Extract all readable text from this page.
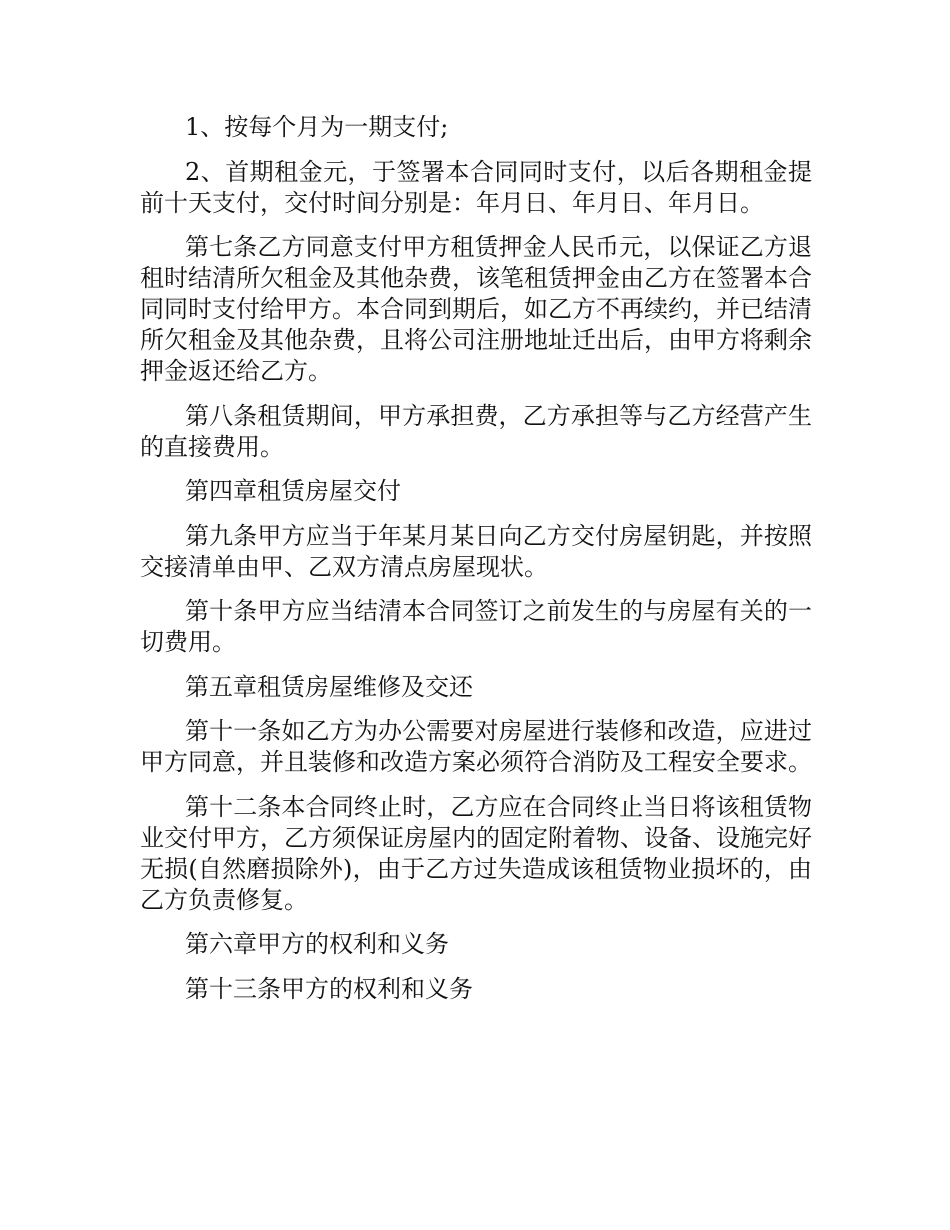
1、按每个月为一期支付;

2、首期租金元，于签署本合同同时支付，以后各期租金提前十天支付，交付时间分别是：年月日、年月日、年月日。

第七条乙方同意支付甲方租赁押金人民币元，以保证乙方退租时结清所欠租金及其他杂费，该笔租赁押金由乙方在签署本合同同时支付给甲方。本合同到期后，如乙方不再续约，并已结清所欠租金及其他杂费，且将公司注册地址迁出后，由甲方将剩余押金返还给乙方。

第八条租赁期间，甲方承担费，乙方承担等与乙方经营产生的直接费用。

第四章租赁房屋交付

第九条甲方应当于年某月某日向乙方交付房屋钥匙，并按照交接清单由甲、乙双方清点房屋现状。

第十条甲方应当结清本合同签订之前发生的与房屋有关的一切费用。

第五章租赁房屋维修及交还

第十一条如乙方为办公需要对房屋进行装修和改造，应进过甲方同意，并且装修和改造方案必须符合消防及工程安全要求。

第十二条本合同终止时，乙方应在合同终止当日将该租赁物业交付甲方，乙方须保证房屋内的固定附着物、设备、设施完好无损(自然磨损除外)，由于乙方过失造成该租赁物业损坏的，由乙方负责修复。

第六章甲方的权利和义务

第十三条甲方的权利和义务
